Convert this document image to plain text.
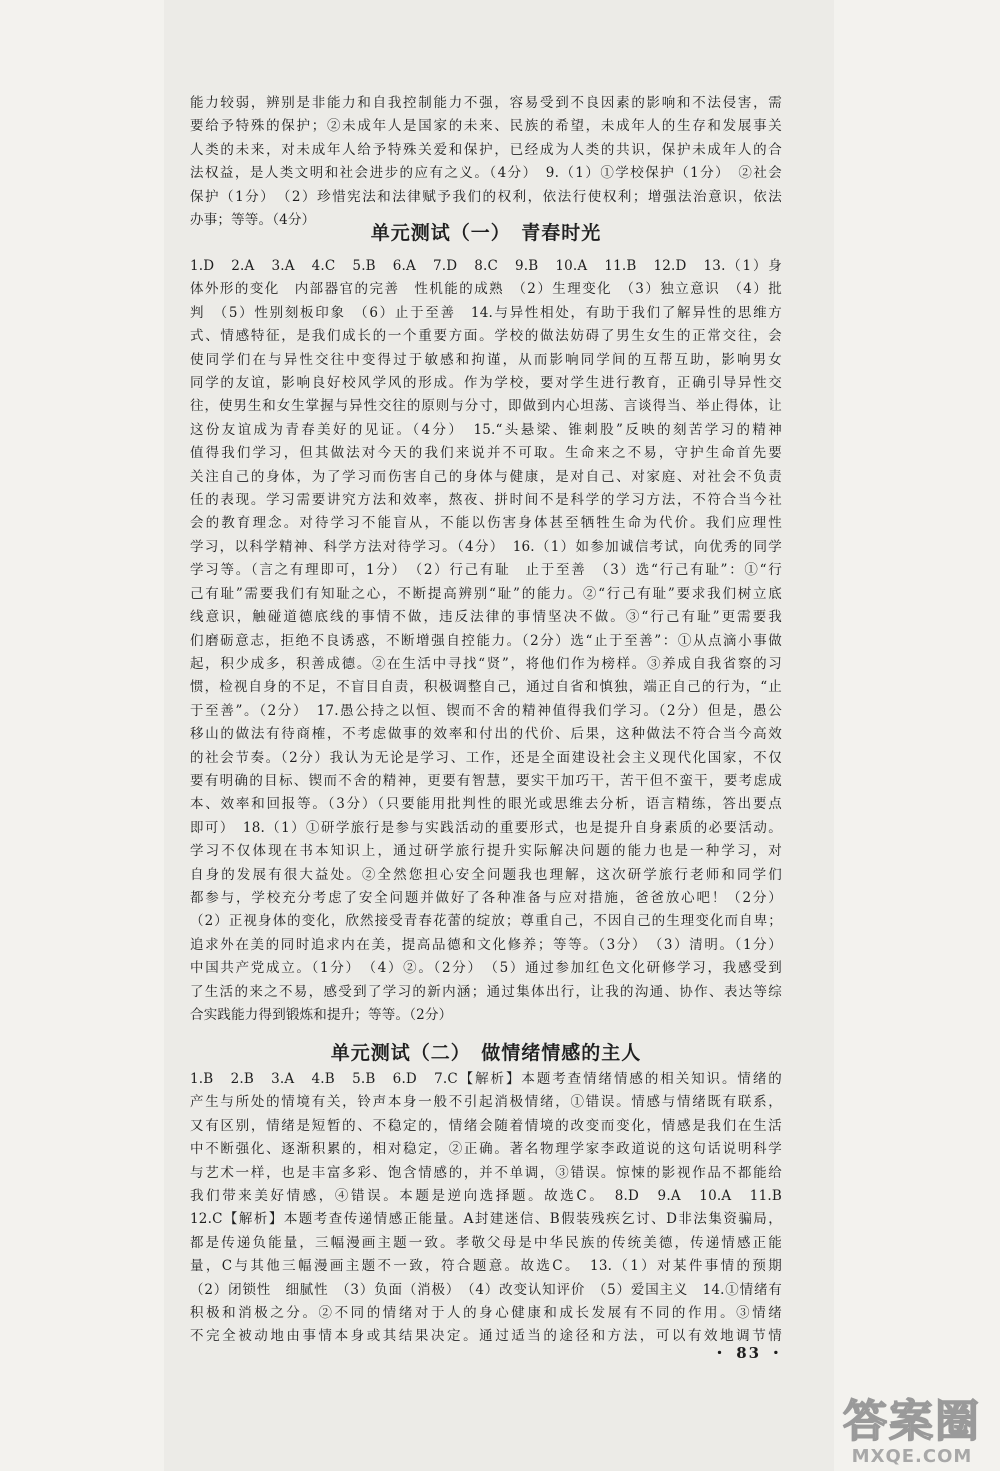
能力较弱，辨别是非能力和自我控制能力不强，容易受到不良因素的影响和不法侵害，需

要给予特殊的保护；②未成年人是国家的未来、民族的希望，未成年人的生存和发展事关

人类的未来，对未成年人给予特殊关爱和保护，已经成为人类的共识，保护未成年人的合

法权益，是人类文明和社会进步的应有之义。（4分）　9.（1）①学校保护（1分）　②社会

保护（1分）　（2）珍惜宪法和法律赋予我们的权利，依法行使权利；增强法治意识，依法

办事；等等。（4分）

单元测试（一）　青春时光

1.D　2.A　3.A　4.C　5.B　6.A　7.D　8.C　9.B　10.A　11.B　12.D　13.（1）身

体外形的变化　内部器官的完善　性机能的成熟　（2）生理变化　（3）独立意识　（4）批

判　（5）性别刻板印象　（6）止于至善　14.与异性相处，有助于我们了解异性的思维方

式、情感特征，是我们成长的一个重要方面。学校的做法妨碍了男生女生的正常交往，会

使同学们在与异性交往中变得过于敏感和拘谨，从而影响同学间的互帮互助，影响男女

同学的友谊，影响良好校风学风的形成。作为学校，要对学生进行教育，正确引导异性交

往，使男生和女生掌握与异性交往的原则与分寸，即做到内心坦荡、言谈得当、举止得体，让

这份友谊成为青春美好的见证。（4分）　15.“头悬梁、锥刺股”反映的刻苦学习的精神

值得我们学习，但其做法对今天的我们来说并不可取。生命来之不易，守护生命首先要

关注自己的身体，为了学习而伤害自己的身体与健康，是对自己、对家庭、对社会不负责

任的表现。学习需要讲究方法和效率，熬夜、拼时间不是科学的学习方法，不符合当今社

会的教育理念。对待学习不能盲从，不能以伤害身体甚至牺牲生命为代价。我们应理性

学习，以科学精神、科学方法对待学习。（4分）　16.（1）如参加诚信考试，向优秀的同学

学习等。（言之有理即可，1分）　（2）行己有耻　止于至善　（3）选“行己有耻”：①“行

己有耻”需要我们有知耻之心，不断提高辨别“耻”的能力。②“行己有耻”要求我们树立底

线意识，触碰道德底线的事情不做，违反法律的事情坚决不做。③“行己有耻”更需要我

们磨砺意志，拒绝不良诱惑，不断增强自控能力。（2分）选“止于至善”：①从点滴小事做

起，积少成多，积善成德。②在生活中寻找“贤”，将他们作为榜样。③养成自我省察的习

惯，检视自身的不足，不盲目自责，积极调整自己，通过自省和慎独，端正自己的行为，“止

于至善”。（2分）　17.愚公持之以恒、锲而不舍的精神值得我们学习。（2分）但是，愚公

移山的做法有待商榷，不考虑做事的效率和付出的代价、后果，这种做法不符合当今高效

的社会节奏。（2分）我认为无论是学习、工作，还是全面建设社会主义现代化国家，不仅

要有明确的目标、锲而不舍的精神，更要有智慧，要实干加巧干，苦干但不蛮干，要考虑成

本、效率和回报等。（3分）（只要能用批判性的眼光或思维去分析，语言精练，答出要点

即可）　18.（1）①研学旅行是参与实践活动的重要形式，也是提升自身素质的必要活动。

学习不仅体现在书本知识上，通过研学旅行提升实际解决问题的能力也是一种学习，对

自身的发展有很大益处。②全然您担心安全问题我也理解，这次研学旅行老师和同学们

都参与，学校充分考虑了安全问题并做好了各种准备与应对措施，爸爸放心吧！（2分）

（2）正视身体的变化，欣然接受青春花蕾的绽放；尊重自己，不因自己的生理变化而自卑；

追求外在美的同时追求内在美，提高品德和文化修养；等等。（3分）　（3）清明。（1分）

中国共产党成立。（1分）　（4）②。（2分）　（5）通过参加红色文化研修学习，我感受到

了生活的来之不易，感受到了学习的新内涵；通过集体出行，让我的沟通、协作、表达等综

合实践能力得到锻炼和提升；等等。（2分）

单元测试（二）　做情绪情感的主人

1.B　2.B　3.A　4.B　5.B　6.D　7.C【解析】本题考查情绪情感的相关知识。情绪的

产生与所处的情境有关，铃声本身一般不引起消极情绪，①错误。情感与情绪既有联系，

又有区别，情绪是短暂的、不稳定的，情绪会随着情境的改变而变化，情感是我们在生活

中不断强化、逐渐积累的，相对稳定，②正确。著名物理学家李政道说的这句话说明科学

与艺术一样，也是丰富多彩、饱含情感的，并不单调，③错误。惊悚的影视作品不都能给

我们带来美好情感，④错误。本题是逆向选择题。故选C。　8.D　9.A　10.A　11.B

12.C【解析】本题考查传递情感正能量。A封建迷信、B假装残疾乞讨、D非法集资骗局，

都是传递负能量，三幅漫画主题一致。孝敬父母是中华民族的传统美德，传递情感正能

量，C与其他三幅漫画主题不一致，符合题意。故选C。　13.（1）对某件事情的预期

（2）闭锁性　细腻性　（3）负面（消极）　（4）改变认知评价　（5）爱国主义　14.①情绪有

积极和消极之分。②不同的情绪对于人的身心健康和成长发展有不同的作用。③情绪

不完全被动地由事情本身或其结果决定。通过适当的途径和方法，可以有效地调节情

・ 83 ・
答案圈
MXQE.COM
